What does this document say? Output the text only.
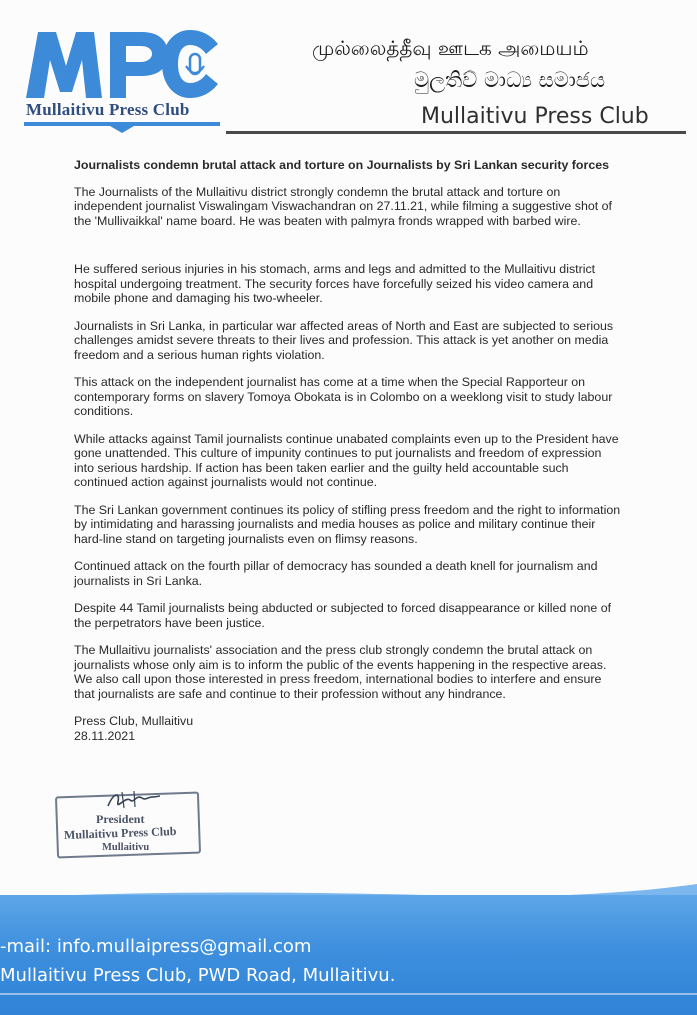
Mullaitivu Press Club
முல்லைத்தீவு ஊடக அமையம்
මුලතිව් මාධ්‍ය සමාජය
Mullaitivu Press Club

Journalists condemn brutal attack and torture on Journalists by Sri Lankan security forces

The Journalists of the Mullaitivu district strongly condemn the brutal attack and torture on independent journalist Viswalingam Viswachandran on 27.11.21, while filming a suggestive shot of the 'Mullivaikkal' name board. He was beaten with palmyra fronds wrapped with barbed wire.

He suffered serious injuries in his stomach, arms and legs and admitted to the Mullaitivu district hospital undergoing treatment. The security forces have forcefully seized his video camera and mobile phone and damaging his two-wheeler.

Journalists in Sri Lanka, in particular war affected areas of North and East are subjected to serious challenges amidst severe threats to their lives and profession. This attack is yet another on media freedom and a serious human rights violation.

This attack on the independent journalist has come at a time when the Special Rapporteur on contemporary forms on slavery Tomoya Obokata is in Colombo on a weeklong visit to study labour conditions.

While attacks against Tamil journalists continue unabated complaints even up to the President have gone unattended. This culture of impunity continues to put journalists and freedom of expression into serious hardship. If action has been taken earlier and the guilty held accountable such continued action against journalists would not continue.

The Sri Lankan government continues its policy of stifling press freedom and the right to information by intimidating and harassing journalists and media houses as police and military continue their hard-line stand on targeting journalists even on flimsy reasons.

Continued attack on the fourth pillar of democracy has sounded a death knell for journalism and journalists in Sri Lanka.

Despite 44 Tamil journalists being abducted or subjected to forced disappearance or killed none of the perpetrators have been justice.

The Mullaitivu journalists' association and the press club strongly condemn the brutal attack on journalists whose only aim is to inform the public of the events happening in the respective areas. We also call upon those interested in press freedom, international bodies to interfere and ensure that journalists are safe and continue to their profession without any hindrance.

Press Club, Mullaitivu

28.11.2021

President
Mullaitivu Press Club
Mullaitivu
-mail: info.mullaipress@gmail.com
Mullaitivu Press Club, PWD Road, Mullaitivu.
